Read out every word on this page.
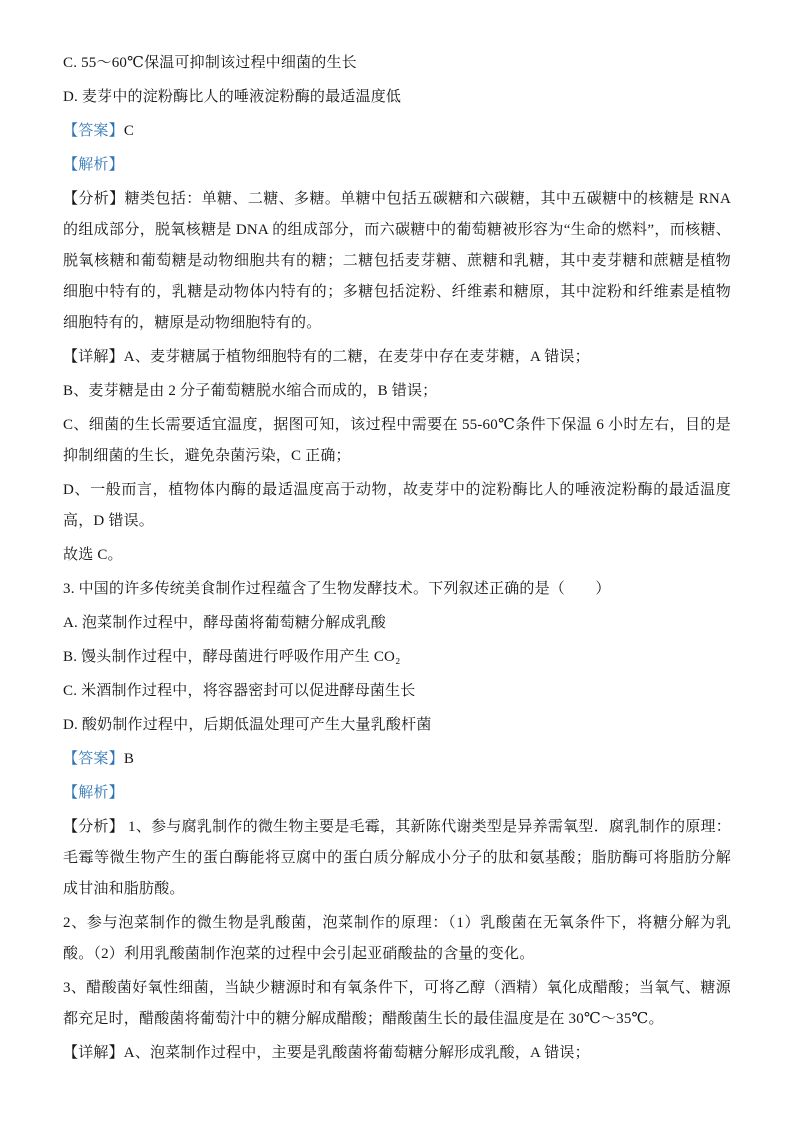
C. 55～60℃保温可抑制该过程中细菌的生长

D. 麦芽中的淀粉酶比人的唾液淀粉酶的最适温度低

【答案】C

【解析】

【分析】糖类包括：单糖、二糖、多糖。单糖中包括五碳糖和六碳糖，其中五碳糖中的核糖是 RNA 的组成部分，脱氧核糖是 DNA 的组成部分，而六碳糖中的葡萄糖被形容为“生命的燃料”，而核糖、脱氧核糖和葡萄糖是动物细胞共有的糖；二糖包括麦芽糖、蔗糖和乳糖，其中麦芽糖和蔗糖是植物细胞中特有的，乳糖是动物体内特有的；多糖包括淀粉、纤维素和糖原，其中淀粉和纤维素是植物细胞特有的，糖原是动物细胞特有的。

【详解】A、麦芽糖属于植物细胞特有的二糖，在麦芽中存在麦芽糖，A 错误；

B、麦芽糖是由 2 分子葡萄糖脱水缩合而成的，B 错误；

C、细菌的生长需要适宜温度，据图可知，该过程中需要在 55-60℃条件下保温 6 小时左右，目的是抑制细菌的生长，避免杂菌污染，C 正确；

D、一般而言，植物体内酶的最适温度高于动物，故麦芽中的淀粉酶比人的唾液淀粉酶的最适温度高，D 错误。

故选 C。

3. 中国的许多传统美食制作过程蕴含了生物发酵技术。下列叙述正确的是（　　）

A. 泡菜制作过程中，酵母菌将葡萄糖分解成乳酸

B. 馒头制作过程中，酵母菌进行呼吸作用产生 CO₂

C. 米酒制作过程中，将容器密封可以促进酵母菌生长

D. 酸奶制作过程中，后期低温处理可产生大量乳酸杆菌

【答案】B

【解析】

【分析】 1、参与腐乳制作的微生物主要是毛霉，其新陈代谢类型是异养需氧型．腐乳制作的原理：毛霉等微生物产生的蛋白酶能将豆腐中的蛋白质分解成小分子的肽和氨基酸；脂肪酶可将脂肪分解成甘油和脂肪酸。

2、参与泡菜制作的微生物是乳酸菌，泡菜制作的原理：（1）乳酸菌在无氧条件下，将糖分解为乳酸。（2）利用乳酸菌制作泡菜的过程中会引起亚硝酸盐的含量的变化。

3、醋酸菌好氧性细菌，当缺少糖源时和有氧条件下，可将乙醇（酒精）氧化成醋酸；当氧气、糖源都充足时，醋酸菌将葡萄汁中的糖分解成醋酸；醋酸菌生长的最佳温度是在 30℃～35℃。

【详解】A、泡菜制作过程中，主要是乳酸菌将葡萄糖分解形成乳酸，A 错误；
